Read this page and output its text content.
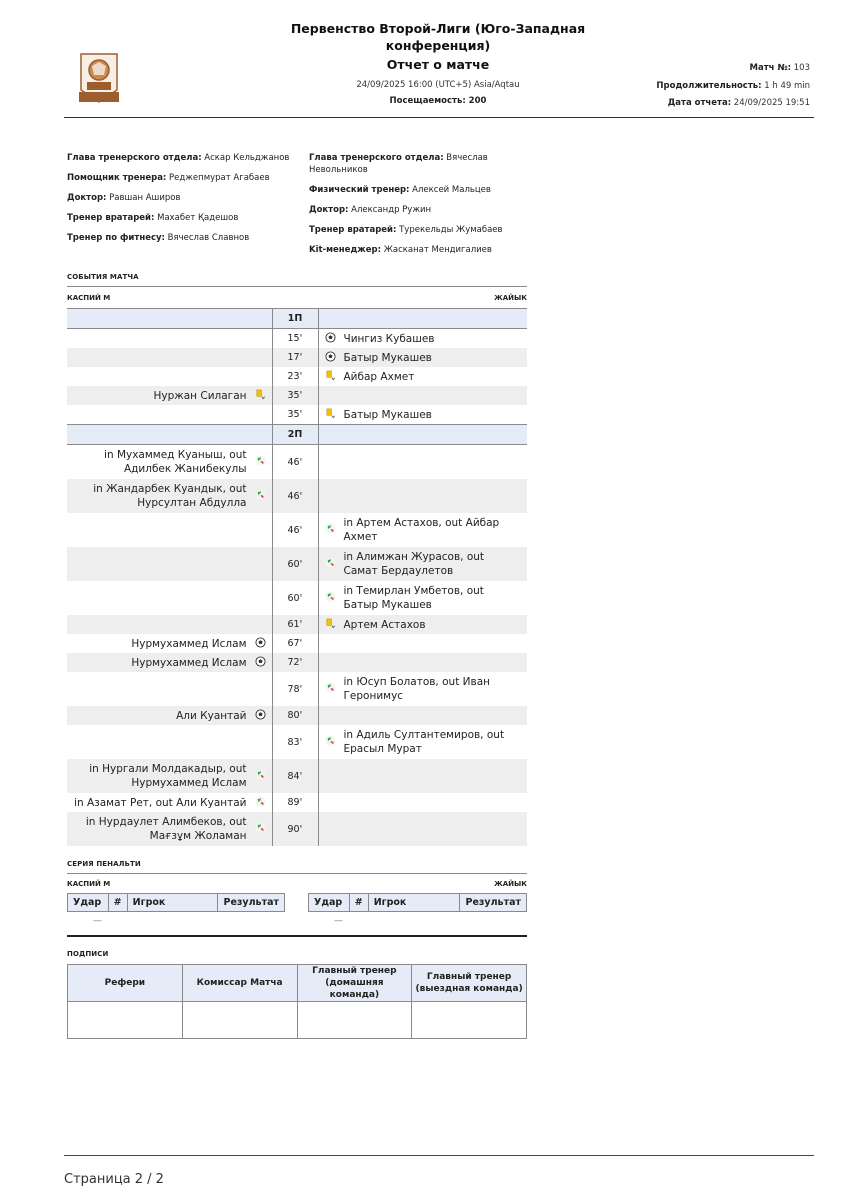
Первенство Второй-Лиги (Юго-Западная конференция)
Отчет о матче
24/09/2025 16:00 (UTC+5) Asia/Aqtau
Посещаемость: 200
Матч №: 103
Продолжительность: 1 h 49 min
Дата отчета: 24/09/2025 19:51
Глава тренерского отдела: Аскар Кельджанов
Помощник тренера: Реджепмурат Агабаев
Доктор: Равшан Аширов
Тренер вратарей: Махабет Қадешов
Тренер по фитнесу: Вячеслав Славнов
Глава тренерского отдела: Вячеслав Невольников
Физический тренер: Алексей Мальцев
Доктор: Александр Ружин
Тренер вратарей: Турекельды Жумабаев
Kit-менеджер: Жасканат Мендигалиев
СОБЫТИЯ МАТЧА
КАСПИЙ М	ЖАЙЫК
	1П	
	15'	Чингиз Кубашев

	17'	Батыр Мукашев

	23'	Айбар Ахмет

Нуржан Силаган	35'	
	35'	Батыр Мукашев

	2П	

in Мухаммед Куаныш, out Адилбек Жанибекулы	46'	

in Жандарбек Куандык, out Нурсултан Абдулла	46'	
	46'	in Артем Астахов, out Айбар Ахмет

	60'	in Алимжан Журасов, out Самат Бердаулетов

	60'	in Темирлан Умбетов, out Батыр Мукашев

	61'	Артем Астахов

Нурмухаммед Ислам	67'	

Нурмухаммед Ислам	72'	
	78'	in Юсуп Болатов, out Иван Геронимус

Али Куантай	80'	
	83'	in Адиль Султантемиров, out Ерасыл Мурат

in Нургали Молдакадыр, out Нурмухаммед Ислам	84'	

in Азамат Рет, out Али Куантай	89'	

in Нурдаулет Алимбеков, out Мағзұм Жоламан	90'	
СЕРИЯ ПЕНАЛЬТИ
КАСПИЙ М	ЖАЙЫК
Удар	#	Игрок	Результат
—			
Удар	#	Игрок	Результат
—			
ПОДПИСИ
Рефери	Комиссар Матча	Главный тренер (домашняя команда)	Главный тренер (выездная команда)

Страница 2 / 2
